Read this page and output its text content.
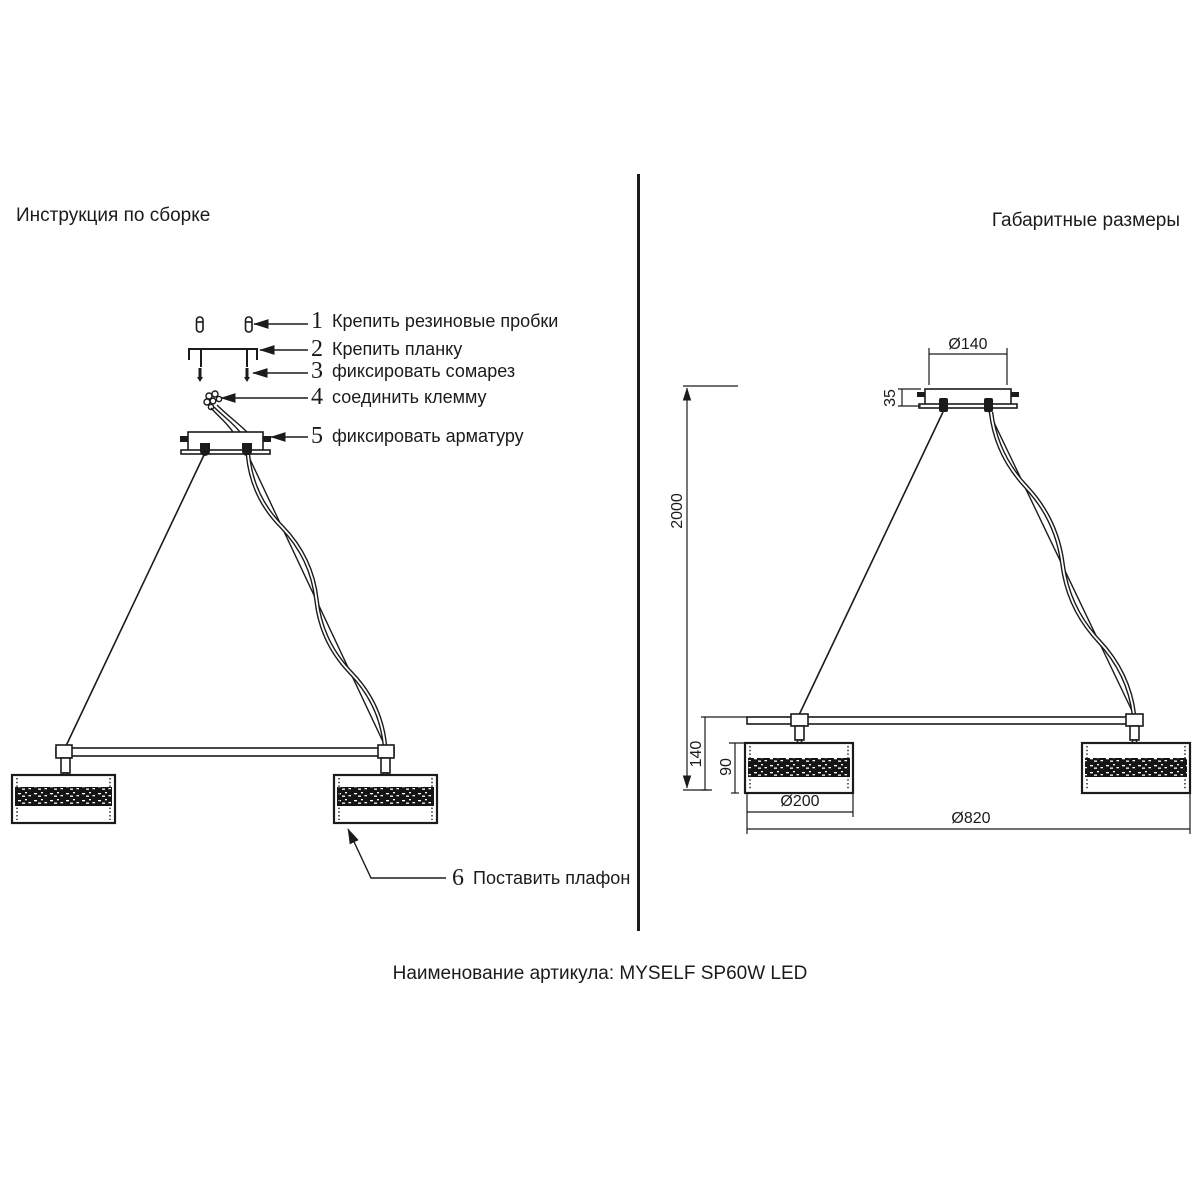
Инструкция по сборке	Габаритные размеры
Наименование артикула: MYSELF SP60W LED
1 Крепить резиновые пробки
2 Крепить планку
3 фиксировать сомарез
4 соединить клемму
5 фиксировать арматуру
6 Поставить плафон
Ø140
35
2000
140 90
Ø200
Ø820
